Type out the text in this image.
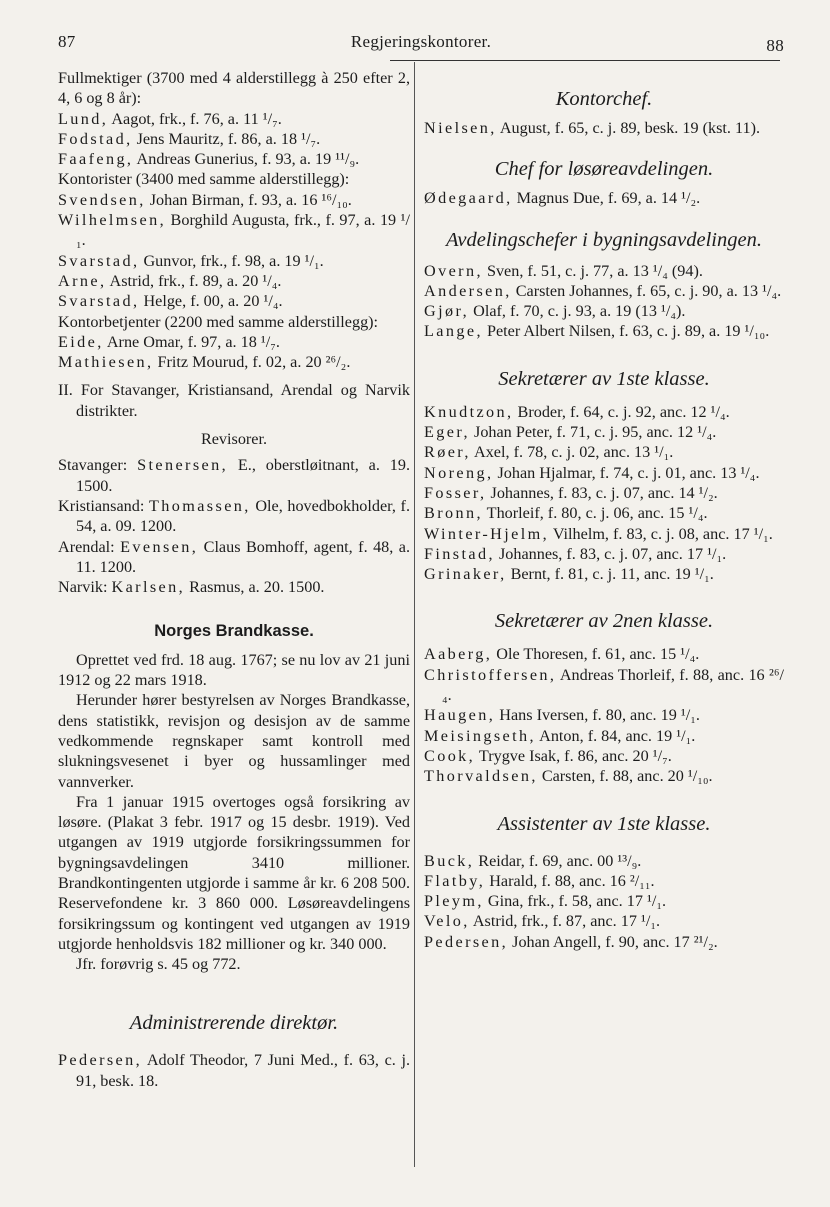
87	Regjeringskontorer.	88

Fullmektiger (3700 med 4 alderstillegg à 250 efter 2, 4, 6 og 8 år):

Lund, Aagot, frk., f. 76, a. 11 ¹/₇.

Fodstad, Jens Mauritz, f. 86, a. 18 ¹/₇.

Faafeng, Andreas Gunerius, f. 93, a. 19 ¹¹/₉.

Kontorister (3400 med samme alderstillegg):

Svendsen, Johan Birman, f. 93, a. 16 ¹⁶/₁₀.

Wilhelmsen, Borghild Augusta, frk., f. 97, a. 19 ¹/₁.

Svarstad, Gunvor, frk., f. 98, a. 19 ¹/₁.

Arne, Astrid, frk., f. 89, a. 20 ¹/₄.

Svarstad, Helge, f. 00, a. 20 ¹/₄.

Kontorbetjenter (2200 med samme alderstillegg):

Eide, Arne Omar, f. 97, a. 18 ¹/₇.

Mathiesen, Fritz Mourud, f. 02, a. 20 ²⁶/₂.

II. For Stavanger, Kristiansand, Arendal og Narvik distrikter.

Revisorer.

Stavanger: Stenersen, E., oberstløitnant, a. 19. 1500.

Kristiansand: Thomassen, Ole, hovedbokholder, f. 54, a. 09. 1200.

Arendal: Evensen, Claus Bomhoff, agent, f. 48, a. 11. 1200.

Narvik: Karlsen, Rasmus, a. 20. 1500.

Norges Brandkasse.

Oprettet ved frd. 18 aug. 1767; se nu lov av 21 juni 1912 og 22 mars 1918.

Herunder hører bestyrelsen av Norges Brandkasse, dens statistikk, revisjon og desisjon av de samme vedkommende regnskaper samt kontroll med slukningsvesenet i byer og hussamlinger med vannverker.

Fra 1 januar 1915 overtoges også forsikring av løsøre. (Plakat 3 febr. 1917 og 15 desbr. 1919). Ved utgangen av 1919 utgjorde forsikringssummen for bygningsavdelingen 3410 millioner. Brandkontingenten utgjorde i samme år kr. 6 208 500. Reservefondene kr. 3 860 000. Løsøreavdelingens forsikringssum og kontingent ved utgangen av 1919 utgjorde henholdsvis 182 millioner og kr. 340 000.

Jfr. forøvrig s. 45 og 772.

Administrerende direktør.

Pedersen, Adolf Theodor, 7 Juni Med., f. 63, c. j. 91, besk. 18.

Kontorchef.

Nielsen, August, f. 65, c. j. 89, besk. 19 (kst. 11).

Chef for løsøreavdelingen.

Ødegaard, Magnus Due, f. 69, a. 14 ¹/₂.

Avdelingschefer i bygningsavdelingen.

Overn, Sven, f. 51, c. j. 77, a. 13 ¹/₄ (94).

Andersen, Carsten Johannes, f. 65, c. j. 90, a. 13 ¹/₄.

Gjør, Olaf, f. 70, c. j. 93, a. 19 (13 ¹/₄).

Lange, Peter Albert Nilsen, f. 63, c. j. 89, a. 19 ¹/₁₀.

Sekretærer av 1ste klasse.

Knudtzon, Broder, f. 64, c. j. 92, anc. 12 ¹/₄.

Eger, Johan Peter, f. 71, c. j. 95, anc. 12 ¹/₄.

Røer, Axel, f. 78, c. j. 02, anc. 13 ¹/₁.

Noreng, Johan Hjalmar, f. 74, c. j. 01, anc. 13 ¹/₄.

Fosser, Johannes, f. 83, c. j. 07, anc. 14 ¹/₂.

Bronn, Thorleif, f. 80, c. j. 06, anc. 15 ¹/₄.

Winter-Hjelm, Vilhelm, f. 83, c. j. 08, anc. 17 ¹/₁.

Finstad, Johannes, f. 83, c. j. 07, anc. 17 ¹/₁.

Grinaker, Bernt, f. 81, c. j. 11, anc. 19 ¹/₁.

Sekretærer av 2nen klasse.

Aaberg, Ole Thoresen, f. 61, anc. 15 ¹/₄.

Christoffersen, Andreas Thorleif, f. 88, anc. 16 ²⁶/₄.

Haugen, Hans Iversen, f. 80, anc. 19 ¹/₁.

Meisingseth, Anton, f. 84, anc. 19 ¹/₁.

Cook, Trygve Isak, f. 86, anc. 20 ¹/₇.

Thorvaldsen, Carsten, f. 88, anc. 20 ¹/₁₀.

Assistenter av 1ste klasse.

Buck, Reidar, f. 69, anc. 00 ¹³/₉.

Flatby, Harald, f. 88, anc. 16 ²/₁₁.

Pleym, Gina, frk., f. 58, anc. 17 ¹/₁.

Velo, Astrid, frk., f. 87, anc. 17 ¹/₁.

Pedersen, Johan Angell, f. 90, anc. 17 ²¹/₂.
